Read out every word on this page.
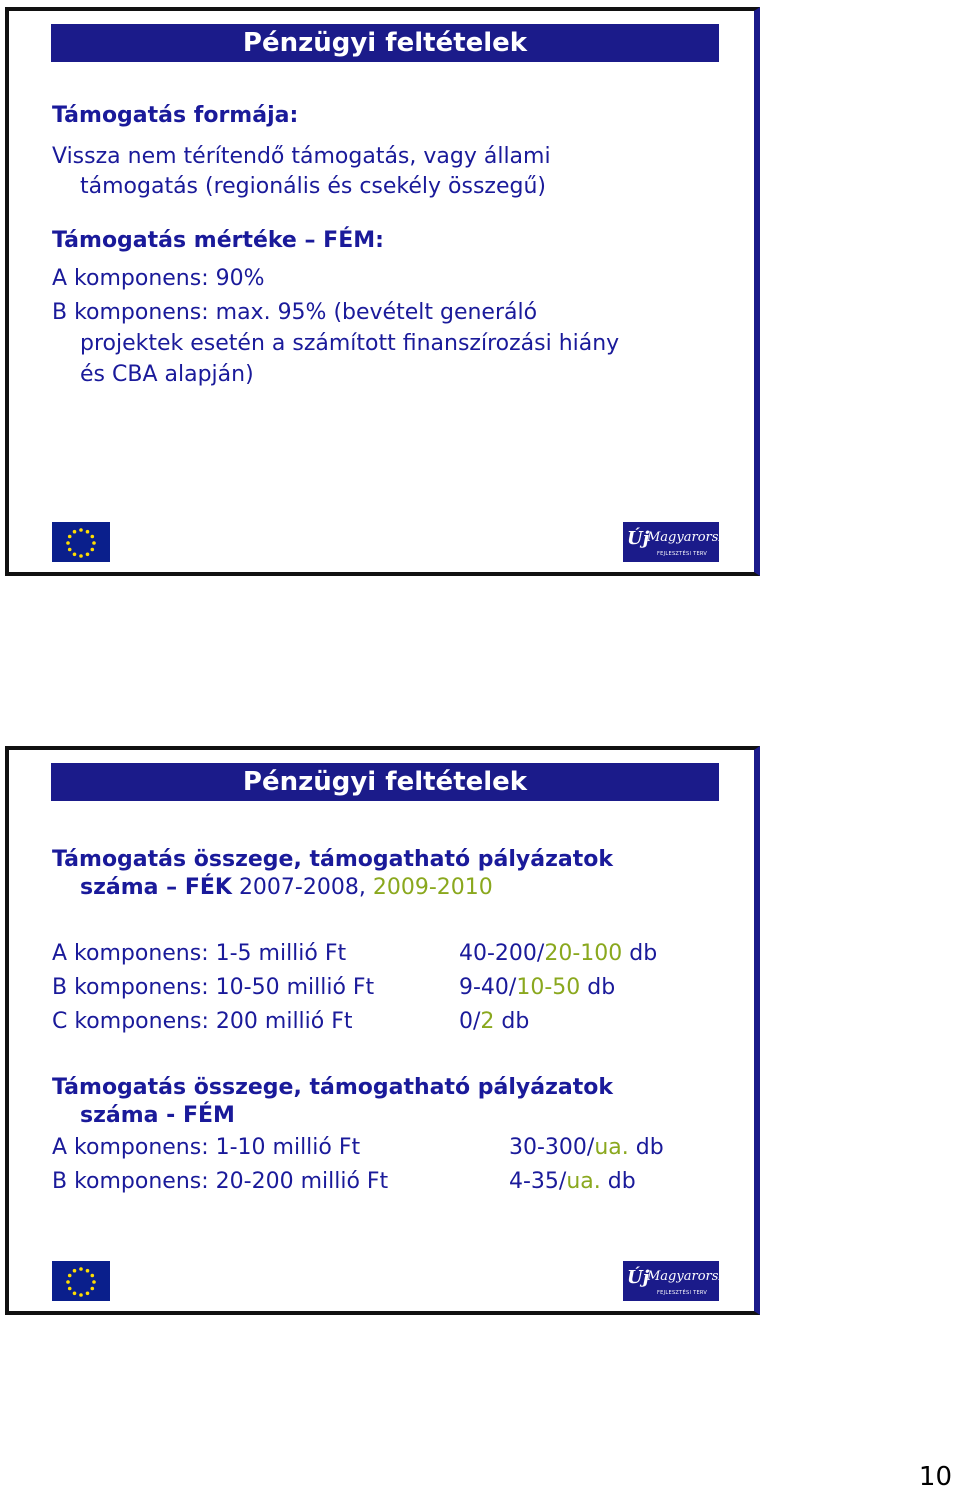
Pénzügyi feltételek
Támogatás formája:
Vissza nem térítendő támogatás, vagy állami
támogatás (regionális és csekély összegű)
Támogatás mértéke – FÉM:
A komponens: 90%
B komponens: max. 95% (bevételt generáló
projektek esetén a számított finanszírozási hiány
és CBA alapján)
Új
Magyarország
FEJLESZTÉSI TERV
Pénzügyi feltételek
Támogatás összege, támogatható pályázatok
száma – FÉK 2007-2008, 2009-2010
A komponens: 1-5 millió Ft	40-200/20-100 db
B komponens: 10-50 millió Ft	9-40/10-50 db
C komponens: 200 millió Ft	0/2 db
Támogatás összege, támogatható pályázatok
száma - FÉM
A komponens: 1-10 millió Ft	30-300/ua. db
B komponens: 20-200 millió Ft	4-35/ua. db
Új
Magyarország
FEJLESZTÉSI TERV
10
